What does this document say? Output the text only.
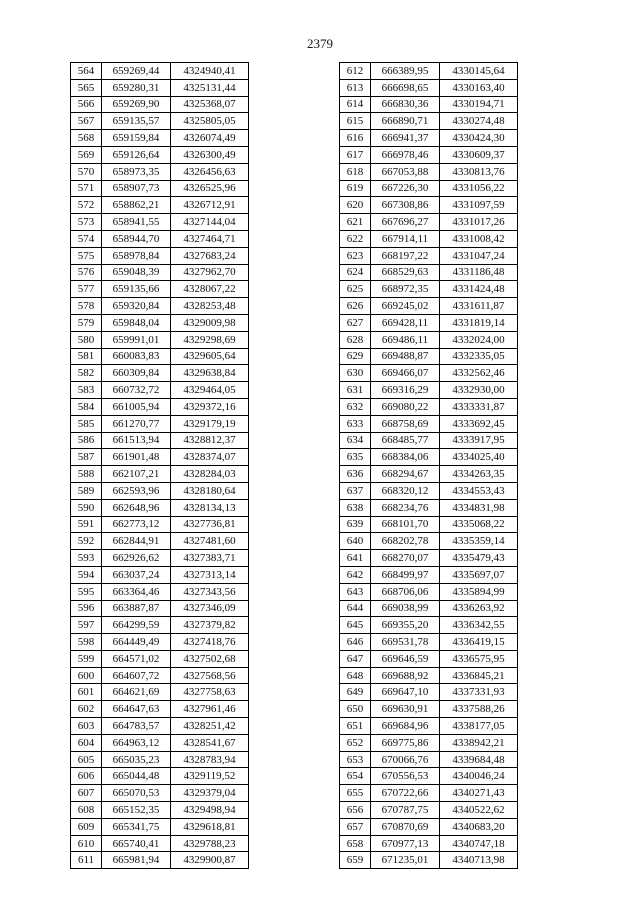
2379
564	659269,44	4324940,41
565	659280,31	4325131,44
566	659269,90	4325368,07
567	659135,57	4325805,05
568	659159,84	4326074,49
569	659126,64	4326300,49
570	658973,35	4326456,63
571	658907,73	4326525,96
572	658862,21	4326712,91
573	658941,55	4327144,04
574	658944,70	4327464,71
575	658978,84	4327683,24
576	659048,39	4327962,70
577	659135,66	4328067,22
578	659320,84	4328253,48
579	659848,04	4329009,98
580	659991,01	4329298,69
581	660083,83	4329605,64
582	660309,84	4329638,84
583	660732,72	4329464,05
584	661005,94	4329372,16
585	661270,77	4329179,19
586	661513,94	4328812,37
587	661901,48	4328374,07
588	662107,21	4328284,03
589	662593,96	4328180,64
590	662648,96	4328134,13
591	662773,12	4327736,81
592	662844,91	4327481,60
593	662926,62	4327383,71
594	663037,24	4327313,14
595	663364,46	4327343,56
596	663887,87	4327346,09
597	664299,59	4327379,82
598	664449,49	4327418,76
599	664571,02	4327502,68
600	664607,72	4327568,56
601	664621,69	4327758,63
602	664647,63	4327961,46
603	664783,57	4328251,42
604	664963,12	4328541,67
605	665035,23	4328783,94
606	665044,48	4329119,52
607	665070,53	4329379,04
608	665152,35	4329498,94
609	665341,75	4329618,81
610	665740,41	4329788,23
611	665981,94	4329900,87
612	666389,95	4330145,64
613	666698,65	4330163,40
614	666830,36	4330194,71
615	666890,71	4330274,48
616	666941,37	4330424,30
617	666978,46	4330609,37
618	667053,88	4330813,76
619	667226,30	4331056,22
620	667308,86	4331097,59
621	667696,27	4331017,26
622	667914,11	4331008,42
623	668197,22	4331047,24
624	668529,63	4331186,48
625	668972,35	4331424,48
626	669245,02	4331611,87
627	669428,11	4331819,14
628	669486,11	4332024,00
629	669488,87	4332335,05
630	669466,07	4332562,46
631	669316,29	4332930,00
632	669080,22	4333331,87
633	668758,69	4333692,45
634	668485,77	4333917,95
635	668384,06	4334025,40
636	668294,67	4334263,35
637	668320,12	4334553,43
638	668234,76	4334831,98
639	668101,70	4335068,22
640	668202,78	4335359,14
641	668270,07	4335479,43
642	668499,97	4335697,07
643	668706,06	4335894,99
644	669038,99	4336263,92
645	669355,20	4336342,55
646	669531,78	4336419,15
647	669646,59	4336575,95
648	669688,92	4336845,21
649	669647,10	4337331,93
650	669630,91	4337588,26
651	669684,96	4338177,05
652	669775,86	4338942,21
653	670066,76	4339684,48
654	670556,53	4340046,24
655	670722,66	4340271,43
656	670787,75	4340522,62
657	670870,69	4340683,20
658	670977,13	4340747,18
659	671235,01	4340713,98
